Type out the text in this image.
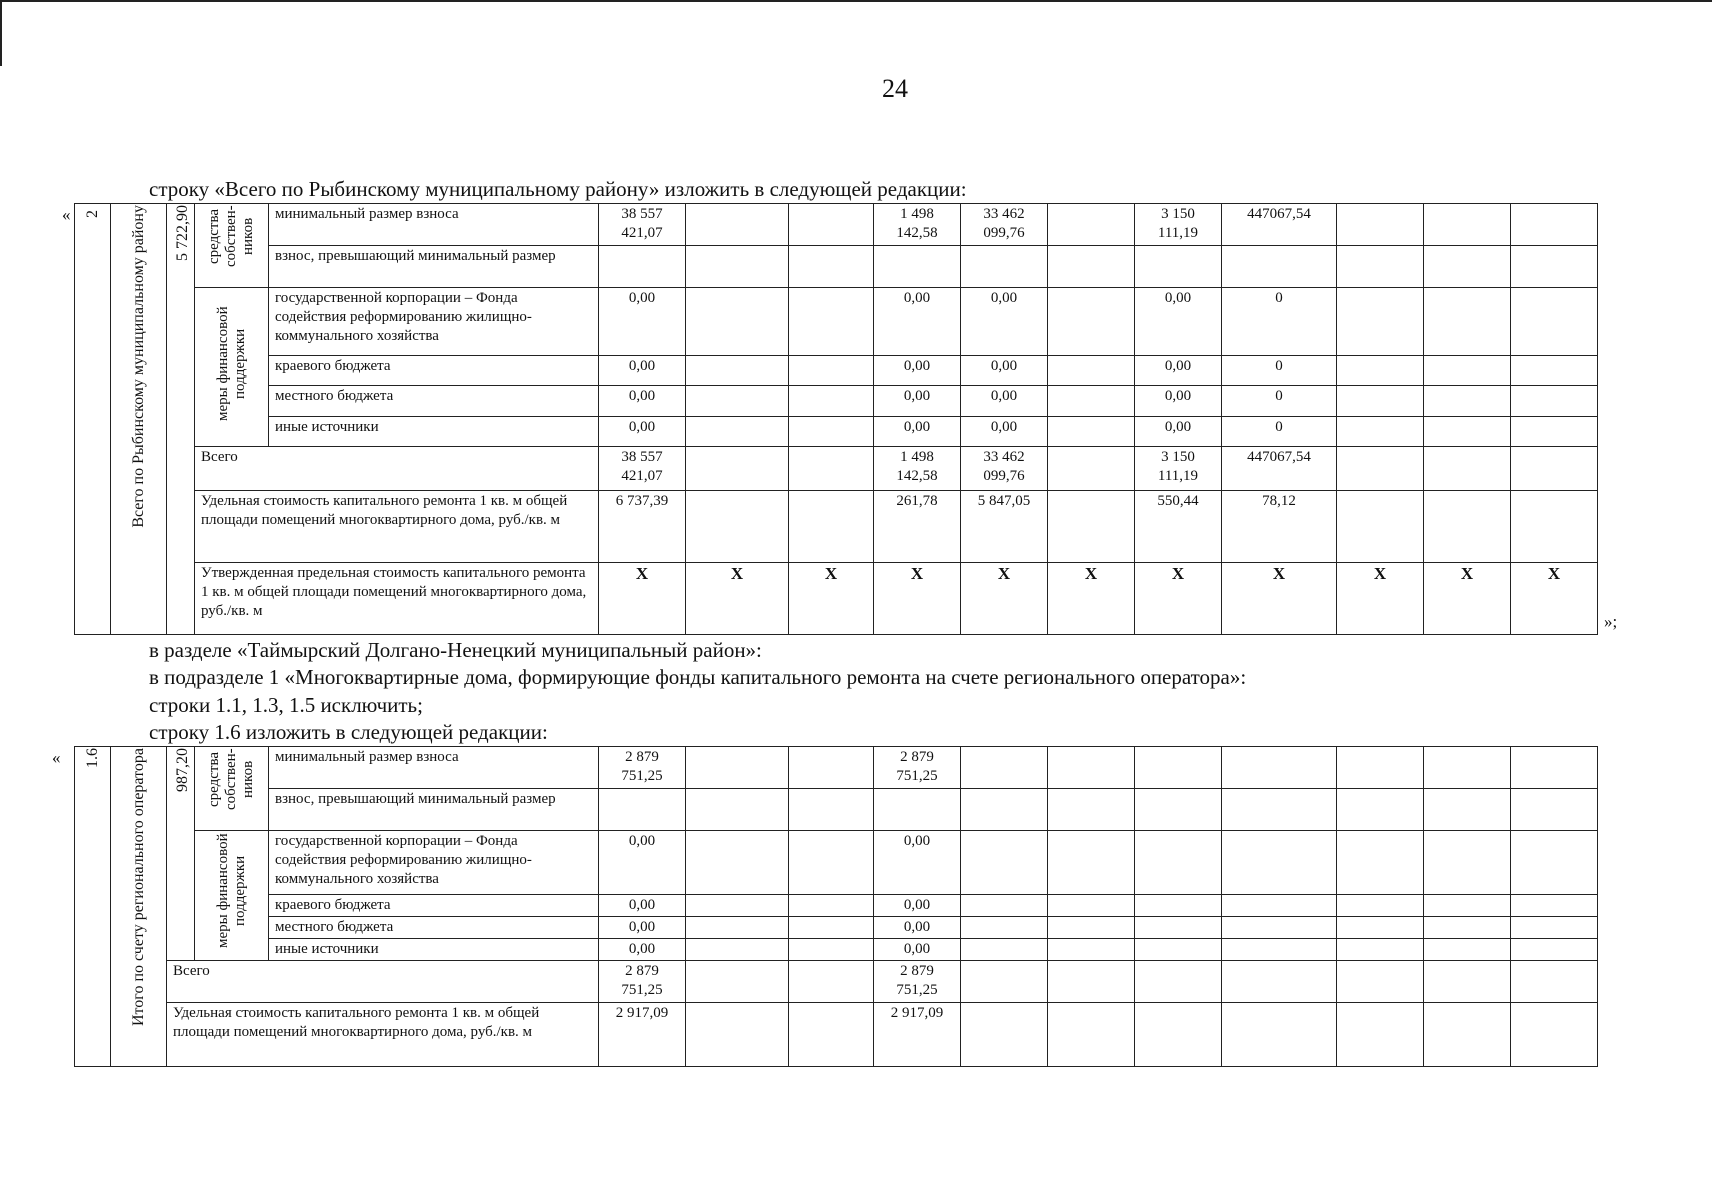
24
строку «Всего по Рыбинскому муниципальному району» изложить в следующей редакции:
« 2	Всего по Рыбинскому муниципальному району	5 722,90	средства собствен-ников	минимальный размер взноса	38 557 421,07			1 498 142,58	33 462 099,76		3 150 111,19	447067,54			
				взнос, превышающий минимальный размер											
			меры финансовой поддержки	государственной корпорации – Фонда содействия реформированию жилищно-коммунального хозяйства	0,00			0,00	0,00		0,00	0			
				краевого бюджета	0,00			0,00	0,00		0,00	0			
				местного бюджета	0,00			0,00	0,00		0,00	0			
				иные источники	0,00			0,00	0,00		0,00	0			
			Всего		38 557 421,07			1 498 142,58	33 462 099,76		3 150 111,19	447067,54			
			Удельная стоимость капитального ремонта 1 кв. м общей площади помещений многоквартирного дома, руб./кв. м		6 737,39			261,78	5 847,05		550,44	78,12			
			Утвержденная предельная стоимость капитального ремонта 1 кв. м общей площади помещений многоквартирного дома, руб./кв. м		X	X	X	X	X	X	X	X	X	X	X
»;
в разделе «Таймырский Долгано-Ненецкий муниципальный район»:
в подразделе 1 «Многоквартирные дома, формирующие фонды капитального ремонта на счете регионального оператора»:
строки 1.1, 1.3, 1.5 исключить;
строку 1.6 изложить в следующей редакции:
« 1.6	Итого по счету регионального оператора	987,20	средства собствен-ников	минимальный размер взноса	2 879 751,25			2 879 751,25							
				взнос, превышающий минимальный размер											
			меры финансовой поддержки	государственной корпорации – Фонда содействия реформированию жилищно-коммунального хозяйства	0,00			0,00							
				краевого бюджета	0,00			0,00							
				местного бюджета	0,00			0,00							
				иные источники	0,00			0,00							
		Всего			2 879 751,25			2 879 751,25							
		Удельная стоимость капитального ремонта 1 кв. м общей площади помещений многоквартирного дома, руб./кв. м			2 917,09			2 917,09							
